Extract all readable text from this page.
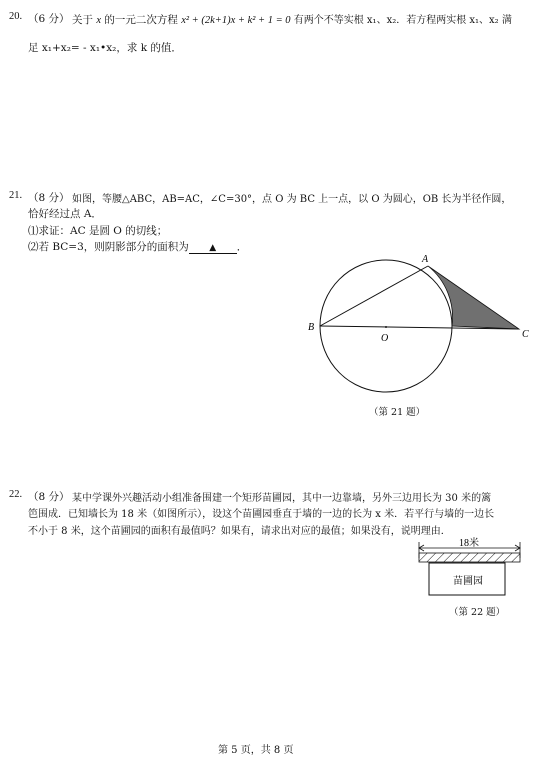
20. （6 分） 关于 x 的一元二次方程 x² + (2k+1)x + k² + 1 = 0 有两个不等实根 x₁、x₂．若方程两实根 x₁、x₂ 满
足 x₁+x₂= - x₁•x₂，求 k 的值．
21. （8 分） 如图，等腰△ABC，AB=AC，∠C=30°，点 O 为 BC 上一点，以 O 为圆心，OB 长为半径作圆，
恰好经过点 A．
⑴求证：AC 是圆 O 的切线；
⑵若 BC=3，则阴影部分的面积为 ▲ ．
A
B
C
O
（第 21 题）
22. （8 分） 某中学课外兴趣活动小组准备围建一个矩形苗圃园，其中一边靠墙，另外三边用长为 30 米的篱
笆围成．已知墙长为 18 米（如图所示），设这个苗圃园垂直于墙的一边的长为 x 米．若平行与墙的一边长
不小于 8 米，这个苗圃园的面积有最值吗？如果有，请求出对应的最值；如果没有，说明理由．
18米
苗圃园
（第 22 题）
第 5 页，共 8 页
